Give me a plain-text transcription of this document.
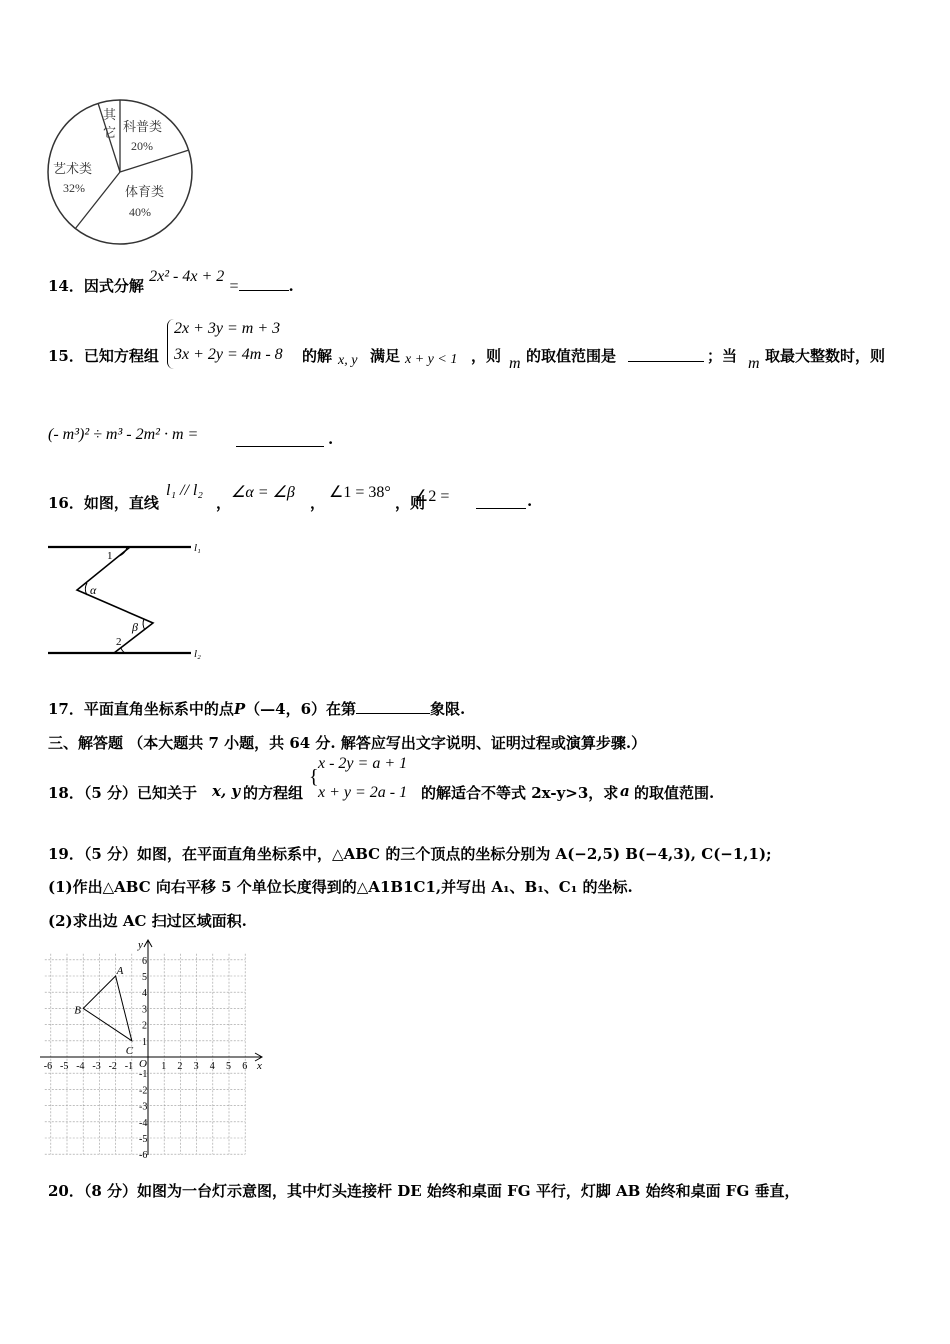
其
它 科普类
20%
艺术类
32%	体育类
40%
14．因式分解 2x² - 4x + 2 =	.
15．已知方程组
2x + 3y = m + 3
3x + 2y = 4m - 8 的解 x, y 满足 x + y < 1 ，则 m 的取值范围是	；当 m 取最大整数时，则
(- m³)² ÷ m³ - 2m² · m =	.
16．如图，直线
l₁ // l₂
，
∠α = ∠β
，
∠1 = 38°
，则
∠2 =	.
l₁
l₂
1
α
β
2
17．平面直角坐标系中的点P（—4，6）在第	象限.
三、解答题 （本大题共 7 小题，共 64 分. 解答应写出文字说明、证明过程或演算步骤.）
18．（5 分）已知关于 x, y 的方程组
{
x - 2y = a + 1
x + y = 2a - 1 的解适合不等式 2x-y>3，求 a 的取值范围.
19．（5 分）如图，在平面直角坐标系中，△ABC 的三个顶点的坐标分别为 A(−2,5) B(−4,3), C(−1,1);
(1)作出△ABC 向右平移 5 个单位长度得到的△A1B1C1,并写出 A₁、B₁、C₁ 的坐标.
(2)求出边 AC 扫过区域面积.
x
y
O
-6 -5 -4 -3 -2 -1	1 2 3 4 5 6
6
5
4
3
2
1
-1
-2
-3
-4
-5
-6
A
B
C
20．（8 分）如图为一台灯示意图，其中灯头连接杆 DE 始终和桌面 FG 平行，灯脚 AB 始终和桌面 FG 垂直，
